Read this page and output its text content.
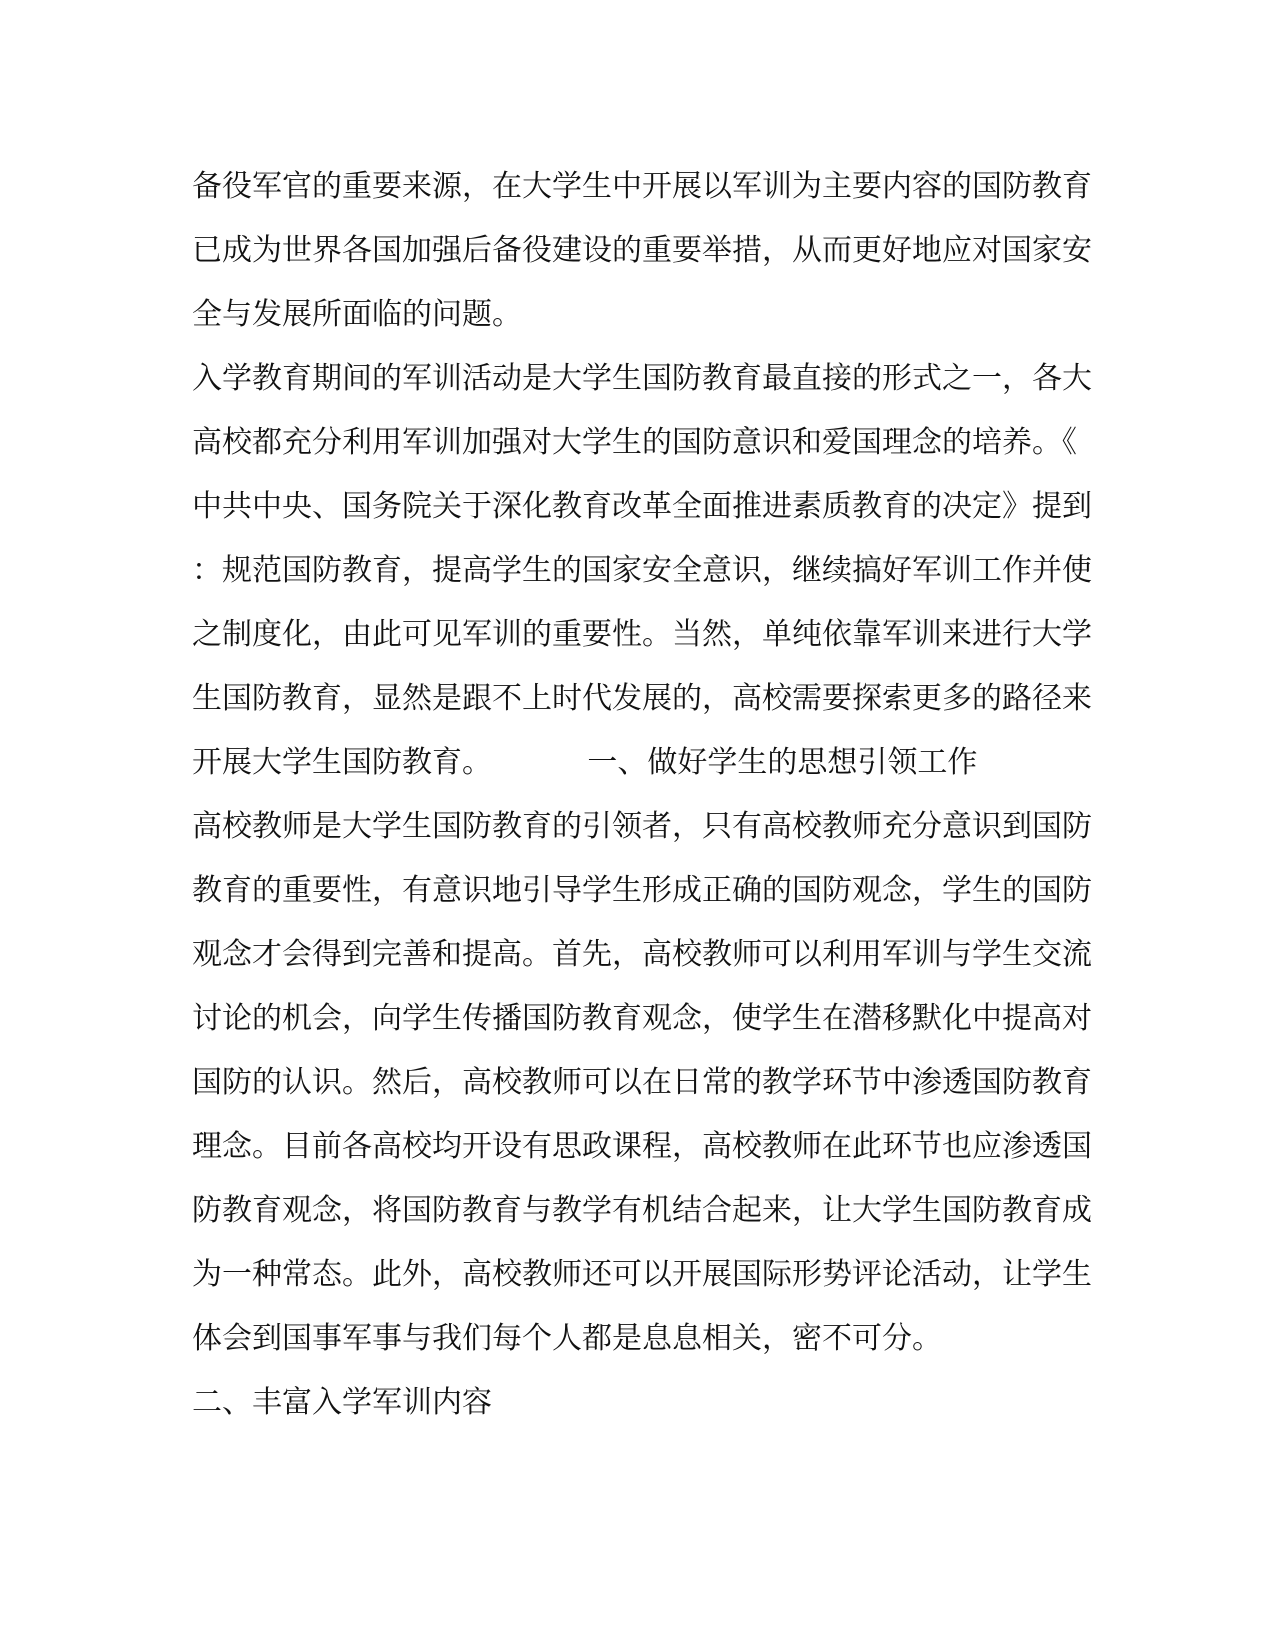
备役军官的重要来源，在大学生中开展以军训为主要内容的国防教育
已成为世界各国加强后备役建设的重要举措，从而更好地应对国家安
全与发展所面临的问题。
入学教育期间的军训活动是大学生国防教育最直接的形式之一，各大
高校都充分利用军训加强对大学生的国防意识和爱国理念的培养。《
中共中央、国务院关于深化教育改革全面推进素质教育的决定》提到
：规范国防教育，提高学生的国家安全意识，继续搞好军训工作并使
之制度化，由此可见军训的重要性。当然，单纯依靠军训来进行大学
生国防教育，显然是跟不上时代发展的，高校需要探索更多的路径来
开展大学生国防教育。          一、做好学生的思想引领工作
高校教师是大学生国防教育的引领者，只有高校教师充分意识到国防
教育的重要性，有意识地引导学生形成正确的国防观念，学生的国防
观念才会得到完善和提高。首先，高校教师可以利用军训与学生交流
讨论的机会，向学生传播国防教育观念，使学生在潜移默化中提高对
国防的认识。然后，高校教师可以在日常的教学环节中渗透国防教育
理念。目前各高校均开设有思政课程，高校教师在此环节也应渗透国
防教育观念，将国防教育与教学有机结合起来，让大学生国防教育成
为一种常态。此外，高校教师还可以开展国际形势评论活动，让学生
体会到国事军事与我们每个人都是息息相关，密不可分。
二、丰富入学军训内容
